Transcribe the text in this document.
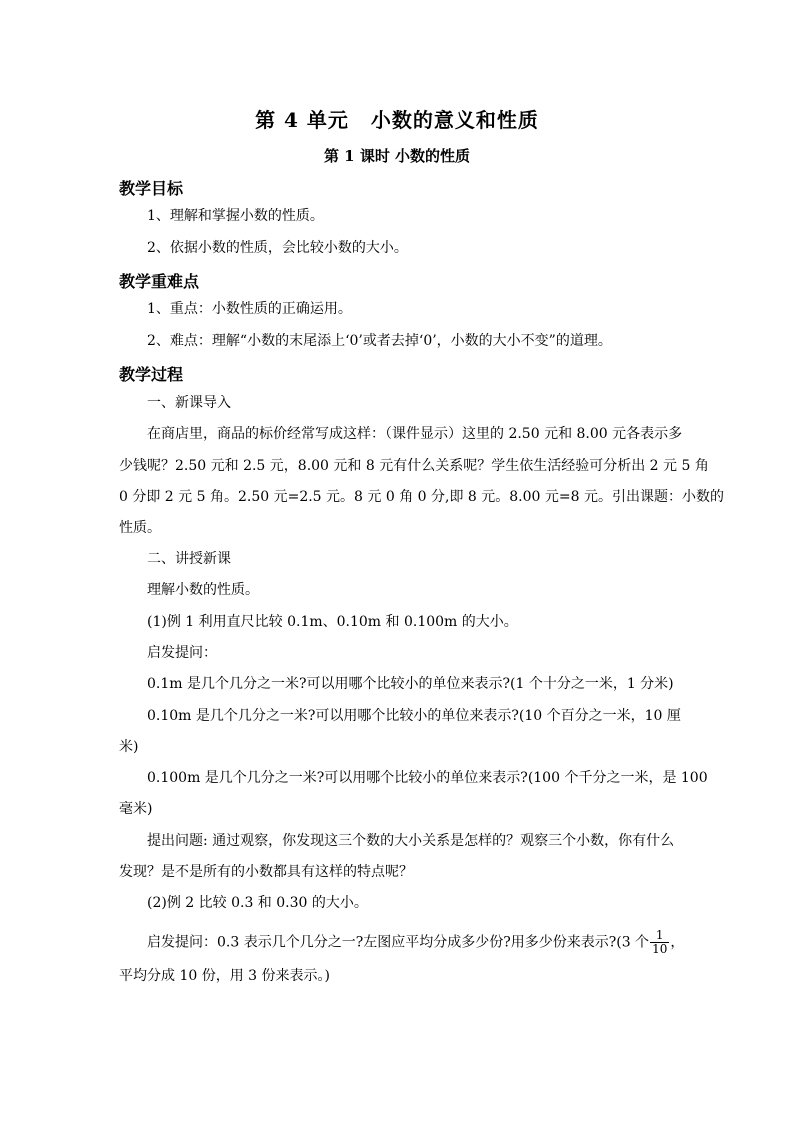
第 4 单元 小数的意义和性质
第 1 课时 小数的性质
教学目标
1、理解和掌握小数的性质。
2、依据小数的性质，会比较小数的大小。
教学重难点
1、重点：小数性质的正确运用。
2、难点：理解“小数的末尾添上‘0’或者去掉‘0’，小数的大小不变”的道理。
教学过程
一、新课导入
在商店里，商品的标价经常写成这样：（课件显示）这里的 2.50 元和 8.00 元各表示多
少钱呢？2.50 元和 2.5 元，8.00 元和 8 元有什么关系呢？学生依生活经验可分析出 2 元 5 角
0 分即 2 元 5 角。2.50 元=2.5 元。8 元 0 角 0 分,即 8 元。8.00 元=8 元。引出课题：小数的
性质。
二、讲授新课
理解小数的性质。
(1)例 1 利用直尺比较 0.1m、0.10m 和 0.100m 的大小。
启发提问：
0.1m 是几个几分之一米?可以用哪个比较小的单位来表示?(1 个十分之一米，1 分米)
0.10m 是几个几分之一米?可以用哪个比较小的单位来表示?(10 个百分之一米，10 厘
米)
0.100m 是几个几分之一米?可以用哪个比较小的单位来表示?(100 个千分之一米，是 100
毫米)
提出问题: 通过观察，你发现这三个数的大小关系是怎样的？观察三个小数，你有什么
发现？是不是所有的小数都具有这样的特点呢？
(2)例 2 比较 0.3 和 0.30 的大小。
启发提问：0.3 表示几个几分之一?左图应平均分成多少份?用多少份来表示?(3 个 $\frac{1}{10}$ ，
平均分成 10 份，用 3 份来表示。)
